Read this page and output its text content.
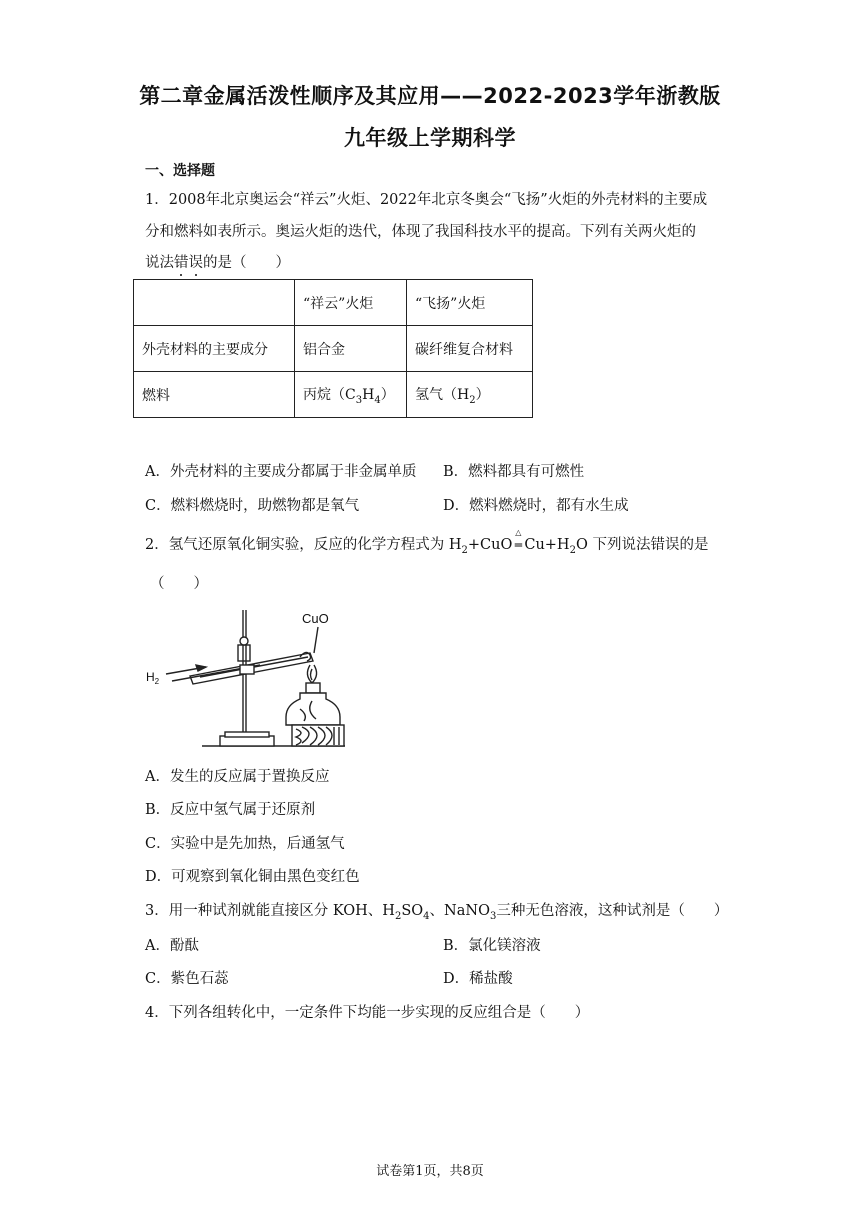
第二章金属活泼性顺序及其应用——2022-2023学年浙教版
九年级上学期科学
一、选择题
1．2008年北京奥运会“祥云”火炬、2022年北京冬奥会“飞扬”火炬的外壳材料的主要成
分和燃料如表所示。奥运火炬的迭代，体现了我国科技水平的提高。下列有关两火炬的
说法错误的是（　　）
	“祥云”火炬	“飞扬”火炬
外壳材料的主要成分	铝合金	碳纤维复合材料
燃料	丙烷$(C_3H_4)$	氢气$(H_2)$
A．外壳材料的主要成分都属于非金属单质 B．燃料都具有可燃性
C．燃料燃烧时，助燃物都是氧气	D．燃料燃烧时，都有水生成
2．氢气还原氧化铜实验，反应的化学方程式为 $H_2+CuO$
△
═ $Cu+H_2O$ 下列说法错误的是
（　　）
$H_2$
CuO
A．发生的反应属于置换反应
B．反应中氢气属于还原剂
C．实验中是先加热，后通氢气
D．可观察到氧化铜由黑色变红色
3．用一种试剂就能直接区分 KOH、$H_2SO_4$、NaNO$_3$三种无色溶液，这种试剂是（　　）
A．酚酞	B．氯化镁溶液
C．紫色石蕊	D．稀盐酸
4．下列各组转化中，一定条件下均能一步实现的反应组合是（　　）
试卷第1页，共8页
